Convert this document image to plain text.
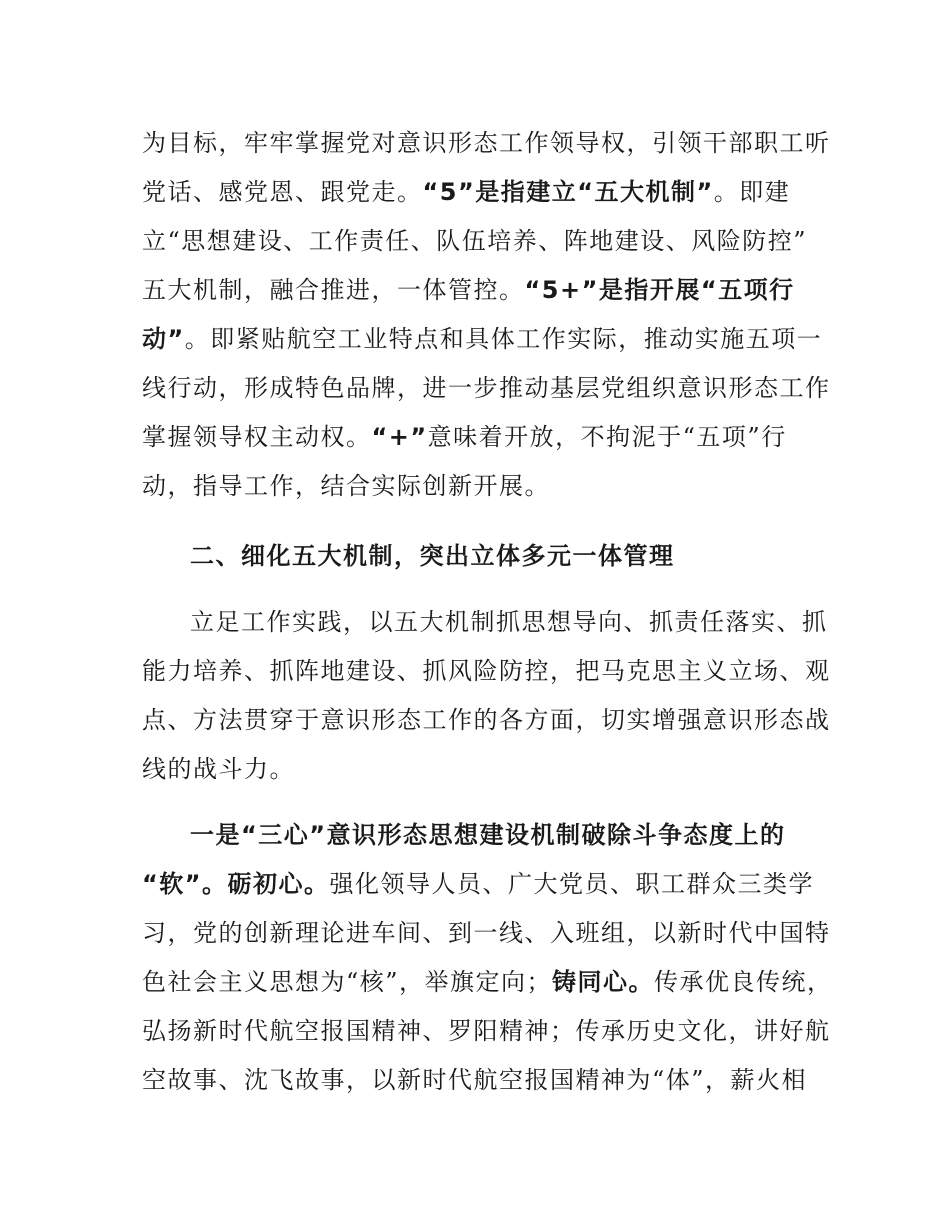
为目标，牢牢掌握党对意识形态工作领导权，引领干部职工听
党话、感党恩、跟党走。“5”是指建立“五大机制”。即建
立“思想建设、工作责任、队伍培养、阵地建设、风险防控”
五大机制，融合推进，一体管控。“5+”是指开展“五项行
动”。即紧贴航空工业特点和具体工作实际，推动实施五项一
线行动，形成特色品牌，进一步推动基层党组织意识形态工作
掌握领导权主动权。“+”意味着开放，不拘泥于“五项”行
动，指导工作，结合实际创新开展。
二、细化五大机制，突出立体多元一体管理
立足工作实践，以五大机制抓思想导向、抓责任落实、抓
能力培养、抓阵地建设、抓风险防控，把马克思主义立场、观
点、方法贯穿于意识形态工作的各方面，切实增强意识形态战
线的战斗力。
一是“三心”意识形态思想建设机制破除斗争态度上的
“软”。砺初心。强化领导人员、广大党员、职工群众三类学
习，党的创新理论进车间、到一线、入班组，以新时代中国特
色社会主义思想为“核”，举旗定向；铸同心。传承优良传统，
弘扬新时代航空报国精神、罗阳精神；传承历史文化，讲好航
空故事、沈飞故事，以新时代航空报国精神为“体”，薪火相
